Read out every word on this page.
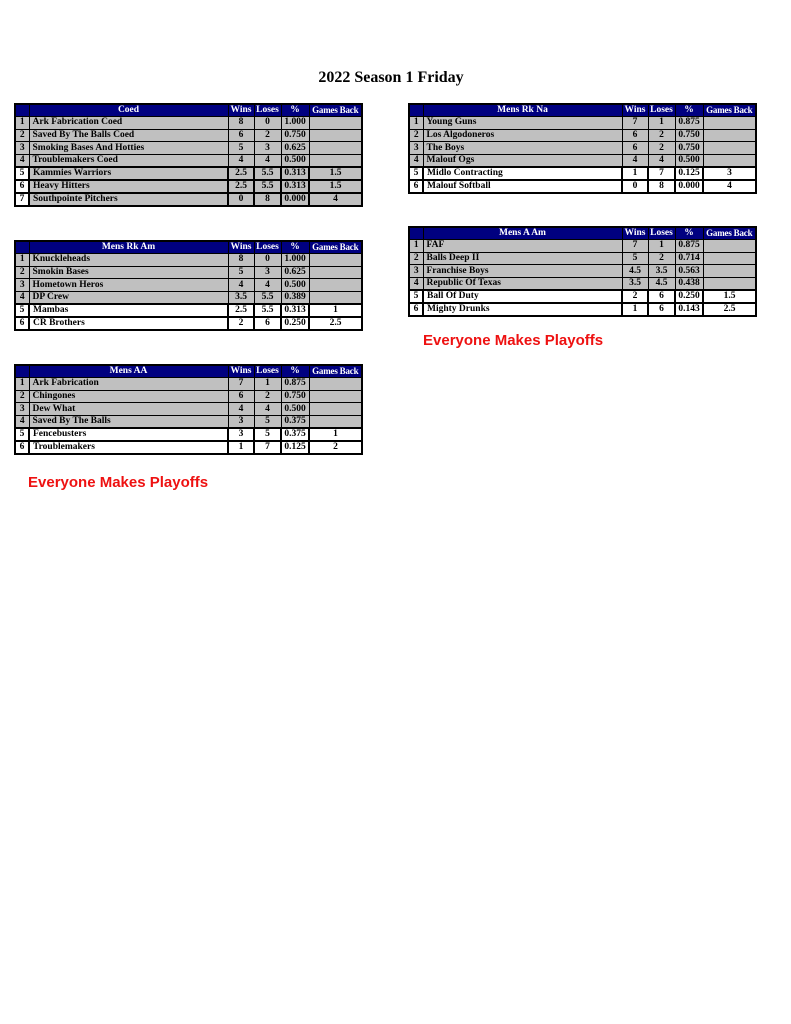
2022 Season 1 Friday
	Coed	Wins	Loses	%	Games Back
1	Ark Fabrication Coed	8	0	1.000	
2	Saved By The Balls Coed	6	2	0.750	
3	Smoking Bases And Hotties	5	3	0.625	
4	Troublemakers Coed	4	4	0.500	
5	Kammies Warriors	2.5	5.5	0.313	1.5
6	Heavy Hitters	2.5	5.5	0.313	1.5
7	Southpointe Pitchers	0	8	0.000	4
	Mens Rk Na	Wins	Loses	%	Games Back
1	Young Guns	7	1	0.875	
2	Los Algodoneros	6	2	0.750	
3	The Boys	6	2	0.750	
4	Malouf Ogs	4	4	0.500	
5	Midlo Contracting	1	7	0.125	3
6	Malouf Softball	0	8	0.000	4
	Mens Rk Am	Wins	Loses	%	Games Back
1	Knuckleheads	8	0	1.000	
2	Smokin Bases	5	3	0.625	
3	Hometown Heros	4	4	0.500	
4	DP Crew	3.5	5.5	0.389	
5	Mambas	2.5	5.5	0.313	1
6	CR Brothers	2	6	0.250	2.5
	Mens A Am	Wins	Loses	%	Games Back
1	FAF	7	1	0.875	
2	Balls Deep II	5	2	0.714	
3	Franchise Boys	4.5	3.5	0.563	
4	Republic Of Texas	3.5	4.5	0.438	
5	Ball Of Duty	2	6	0.250	1.5
6	Mighty Drunks	1	6	0.143	2.5
	Mens AA	Wins	Loses	%	Games Back
1	Ark Fabrication	7	1	0.875	
2	Chingones	6	2	0.750	
3	Dew What	4	4	0.500	
4	Saved By The Balls	3	5	0.375	
5	Fencebusters	3	5	0.375	1
6	Troublemakers	1	7	0.125	2
Everyone Makes Playoffs
Everyone Makes Playoffs
